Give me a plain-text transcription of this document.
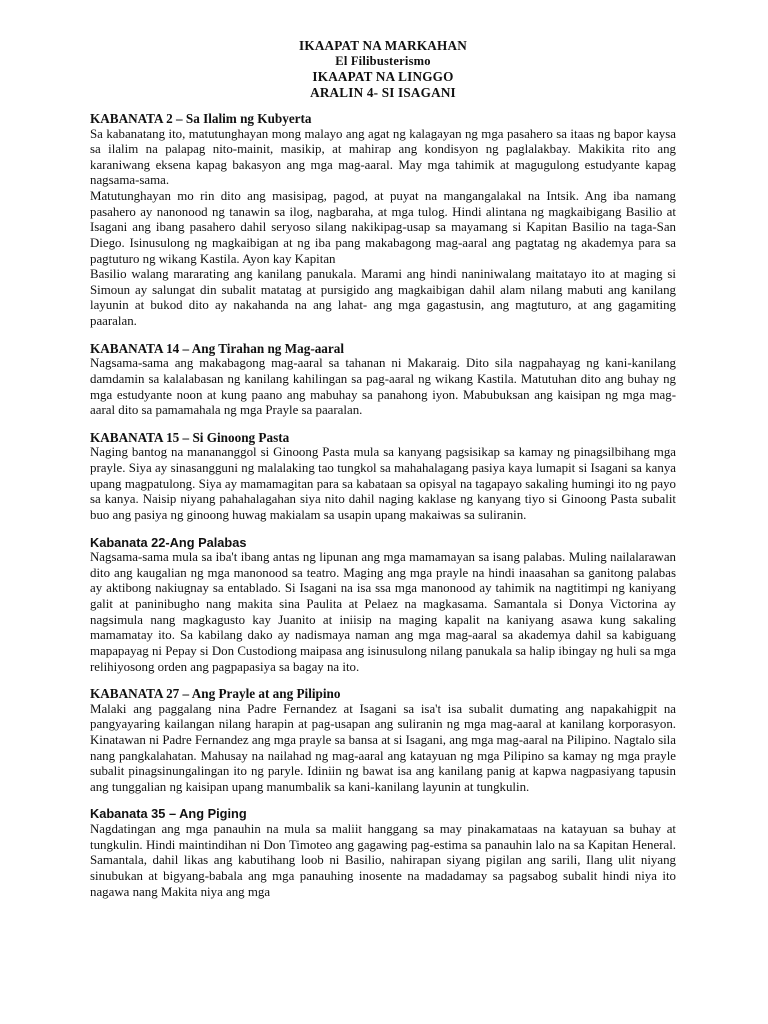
IKAAPAT NA MARKAHAN
El Filibusterismo
IKAAPAT NA LINGGO
ARALIN 4- SI ISAGANI
KABANATA 2 – Sa Ilalim ng Kubyerta

Sa kabanatang ito, matutunghayan mong malayo ang agat ng kalagayan ng mga pasahero sa itaas ng bapor kaysa sa ilalim na palapag nito-mainit, masikip, at mahirap ang kondisyon ng paglalakbay. Makikita rito ang karaniwang eksena kapag bakasyon ang mga mag-aaral. May mga tahimik at magugulong estudyante kapag nagsama-sama.

Matutunghayan mo rin dito ang masisipag, pagod, at puyat na mangangalakal na Intsik. Ang iba namang pasahero ay nanonood ng tanawin sa ilog, nagbaraha, at mga tulog. Hindi alintana ng magkaibigang Basilio at Isagani ang ibang pasahero dahil seryoso silang nakikipag-usap sa mayamang si Kapitan Basilio na taga-San Diego. Isinusulong ng magkaibigan at ng iba pang makabagong mag-aaral ang pagtatag ng akademya para sa pagtuturo ng wikang Kastila. Ayon kay Kapitan

Basilio walang mararating ang kanilang panukala. Marami ang hindi naniniwalang maitatayo ito at maging si Simoun ay salungat din subalit matatag at pursigido ang magkaibigan dahil alam nilang mabuti ang kanilang layunin at bukod dito ay nakahanda na ang lahat- ang mga gagastusin, ang magtuturo, at ang gagamiting paaralan.

KABANATA 14 – Ang Tirahan ng Mag-aaral

Nagsama-sama ang makabagong mag-aaral sa tahanan ni Makaraig. Dito sila nagpahayag ng kani-kanilang damdamin sa kalalabasan ng kanilang kahilingan sa pag-aaral ng wikang Kastila. Matutuhan dito ang buhay ng mga estudyante noon at kung paano ang mabuhay sa panahong iyon. Mabubuksan ang kaisipan ng mga mag-aaral dito sa pamamahala ng mga Prayle sa paaralan.

KABANATA 15 – Si Ginoong Pasta

Naging bantog na manananggol si Ginoong Pasta mula sa kanyang pagsisikap sa kamay ng pinagsilbihang mga prayle. Siya ay sinasangguni ng malalaking tao tungkol sa mahahalagang pasiya kaya lumapit si Isagani sa kanya upang magpatulong. Siya ay mamamagitan para sa kabataan sa opisyal na tagapayo sakaling humingi ito ng payo sa kanya. Naisip niyang pahahalagahan siya nito dahil naging kaklase ng kanyang tiyo si Ginoong Pasta subalit buo ang pasiya ng ginoong huwag makialam sa usapin upang makaiwas sa suliranin.

Kabanata 22-Ang Palabas

Nagsama-sama mula sa iba't ibang antas ng lipunan ang mga mamamayan sa isang palabas. Muling nailalarawan dito ang kaugalian ng mga manonood sa teatro. Maging ang mga prayle na hindi inaasahan sa ganitong palabas ay aktibong nakiugnay sa entablado. Si Isagani na isa ssa mga manonood ay tahimik na nagtitimpi ng kaniyang galit at paninibugho nang makita sina Paulita at Pelaez na magkasama. Samantala si Donya Victorina ay nagsimula nang magkagusto kay Juanito at iniisip na maging kapalit na kaniyang asawa kung sakaling mamamatay ito. Sa kabilang dako ay nadismaya naman ang mga mag-aaral sa akademya dahil sa kabiguang mapapayag ni Pepay si Don Custodiong maipasa ang isinusulong nilang panukala sa halip ibingay ng huli sa mga relihiyosong orden ang pagpapasiya sa bagay na ito.

KABANATA 27 – Ang Prayle at ang Pilipino

Malaki ang paggalang nina Padre Fernandez at Isagani sa isa't isa subalit dumating ang napakahigpit na pangyayaring kailangan nilang harapin at pag-usapan ang suliranin ng mga mag-aaral at kanilang korporasyon. Kinatawan ni Padre Fernandez ang mga prayle sa bansa at si Isagani, ang mga mag-aaral na Pilipino. Nagtalo sila nang pangkalahatan. Mahusay na nailahad ng mag-aaral ang katayuan ng mga Pilipino sa kamay ng mga prayle subalit pinagsinungalingan ito ng paryle. Idiniin ng bawat isa ang kanilang panig at kapwa nagpasiyang tapusin ang tunggalian ng kaisipan upang manumbalik sa kani-kanilang layunin at tungkulin.

Kabanata 35 – Ang Piging

Nagdatingan ang mga panauhin na mula sa maliit hanggang sa may pinakamataas na katayuan sa buhay at tungkulin. Hindi maintindihan ni Don Timoteo ang gagawing pag-estima sa panauhin lalo na sa Kapitan Heneral. Samantala, dahil likas ang kabutihang loob ni Basilio, nahirapan siyang pigilan ang sarili, Ilang ulit niyang sinubukan at bigyang-babala ang mga panauhing inosente na madadamay sa pagsabog subalit hindi niya ito nagawa nang Makita niya ang mga
